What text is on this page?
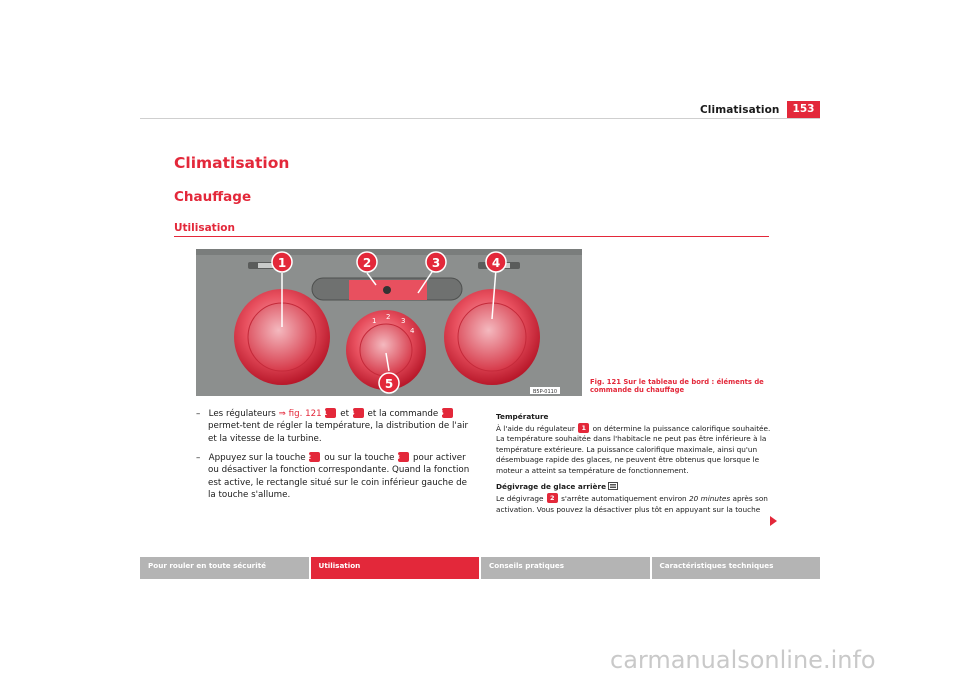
Climatisation	153
Climatisation
Chauffage
Utilisation
1 2 3
4
1	2	3	4
5
B5P-0110
Fig. 121 Sur le tableau de bord : éléments de commande du chauffage

– Les régulateurs ⇒ fig. 121 1 et 4 et la commande 5 permet-tent de régler la température, la distribution de l'air et la vitesse de la turbine.

– Appuyez sur la touche 2 ou sur la touche 3 pour activer ou désactiver la fonction correspondante. Quand la fonction est active, le rectangle situé sur le coin inférieur gauche de la touche s'allume.

Température
À l'aide du régulateur 1 on détermine la puissance calorifique souhaitée. La température souhaitée dans l'habitacle ne peut pas être inférieure à la température extérieure. La puissance calorifique maximale, ainsi qu'un désembuage rapide des glaces, ne peuvent être obtenus que lorsque le moteur a atteint sa température de fonctionnement.

Dégivrage de glace arrière
Le dégivrage 2 s'arrête automatiquement environ 20 minutes après son activation. Vous pouvez la désactiver plus tôt en appuyant sur la touche

Pour rouler en toute sécurité	Utilisation	Conseils pratiques	Caractéristiques techniques
carmanualsonline.info
